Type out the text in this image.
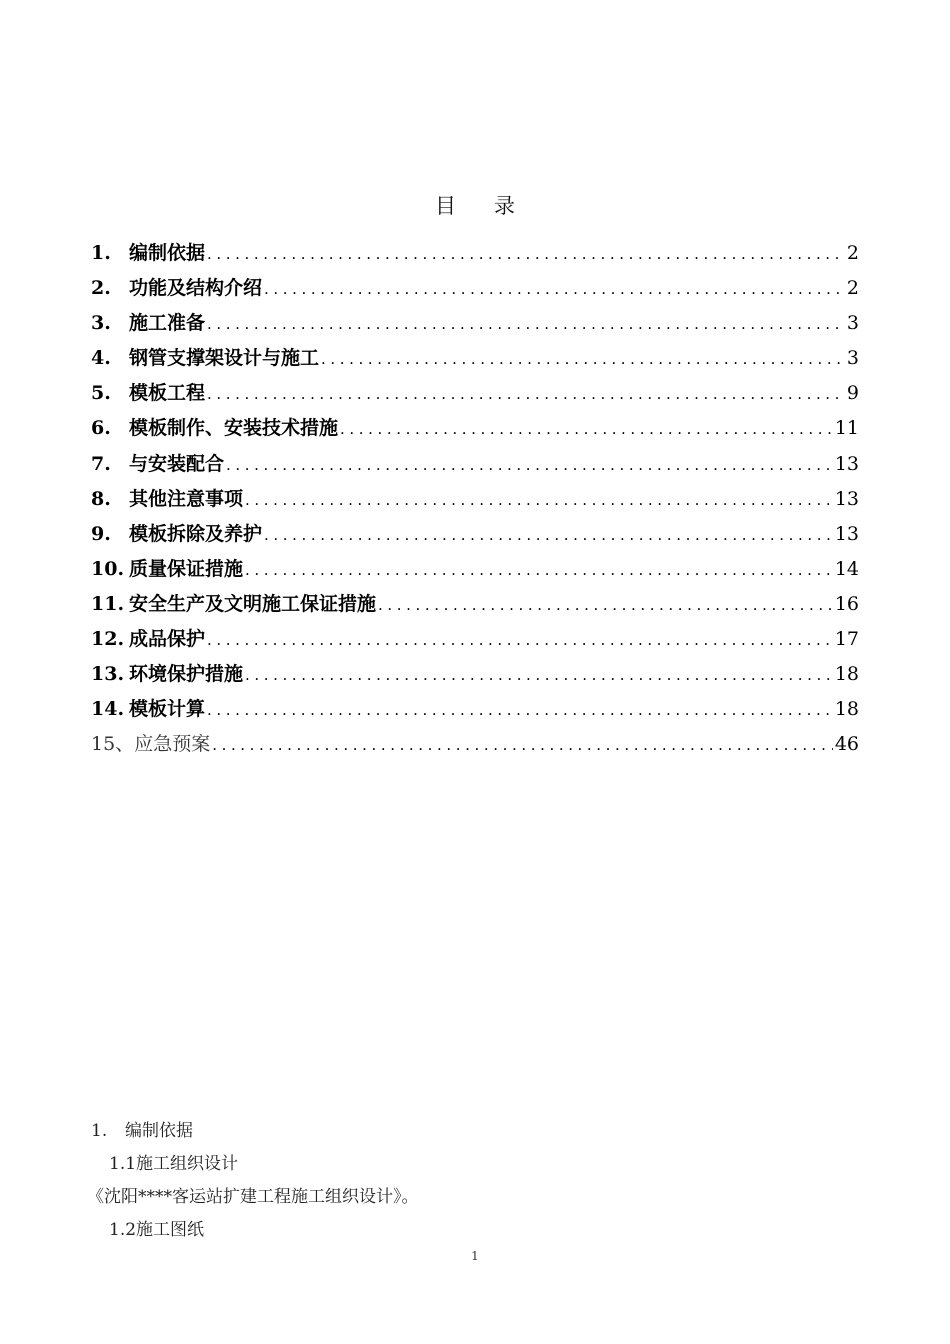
目 录
1. 编制依据 .....	2
2. 功能及结构介绍 .....	2
3. 施工准备 .....	3
4. 钢管支撑架设计与施工 .....	3
5. 模板工程 .....	9
6. 模板制作、安装技术措施 .....	11
7. 与安装配合 .....	13
8. 其他注意事项 .....	13
9. 模板拆除及养护 .....	13
10. 质量保证措施 .....	14
11. 安全生产及文明施工保证措施 .....	16
12. 成品保护 .....	17
13. 环境保护措施 .....	18
14. 模板计算 .....	18
15、 应急预案 .....	46
1. 编制依据
1.1施工组织设计
《沈阳****客运站扩建工程施工组织设计》。
1.2施工图纸
1
